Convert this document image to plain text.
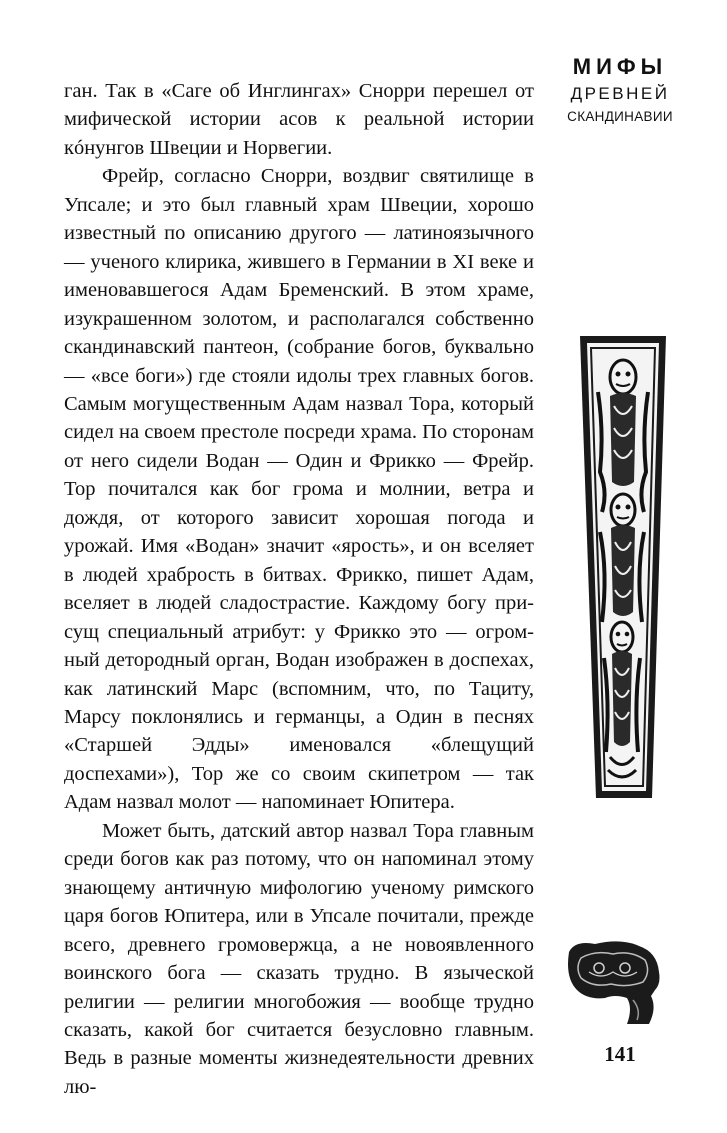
ган. Так в «Саге об Инглингах» Снорри перешел от мифической истории асов к реальной истории кóнунгов Швеции и Норвегии.

Фрейр, согласно Снорри, воздвиг святилище в Упсале; и это был главный храм Швеции, хорошо известный по описанию другого — латиноязычного — ученого клирика, жившего в Германии в XI веке и именовавшегося Адам Бременский. В этом храме, изукрашенном золотом, и располагался собственно скандинавский пантеон, (собрание богов, буквально — «все боги») где стояли идолы трех главных богов. Самым могущественным Адам назвал Тора, который сидел на своем престоле посреди храма. По сторонам от него сидели Водан — Один и Фрикко — Фрейр. Тор почитался как бог грома и молнии, ветра и дождя, от которого зависит хорошая погода и урожай. Имя «Водан» значит «ярость», и он вселяет в людей храбрость в битвах. Фрикко, пишет Адам, вселяет в людей сладострастие. Каждому богу присущ специальный атрибут: у Фрикко это — огромный детородный орган, Водан изображен в доспехах, как латинский Марс (вспомним, что, по Тациту, Марсу поклонялись и германцы, а Один в песнях «Старшей Эдды» именовался «блещущий доспехами»), Тор же со своим скипетром — так Адам назвал молот — напоминает Юпитера.

Может быть, датский автор назвал Тора главным среди богов как раз потому, что он напоминал этому знающему античную мифологию ученому римского царя богов Юпитера, или в Упсале почитали, прежде всего, древнего громовержца, а не новоявленного воинского бога — сказать трудно. В языческой религии — религии многобожия — вообще трудно сказать, какой бог считается безусловно главным. Ведь в разные моменты жизнедеятельности древних лю-

МИФЫ
ДРЕВНЕЙ
СКАНДИНАВИИ
141
